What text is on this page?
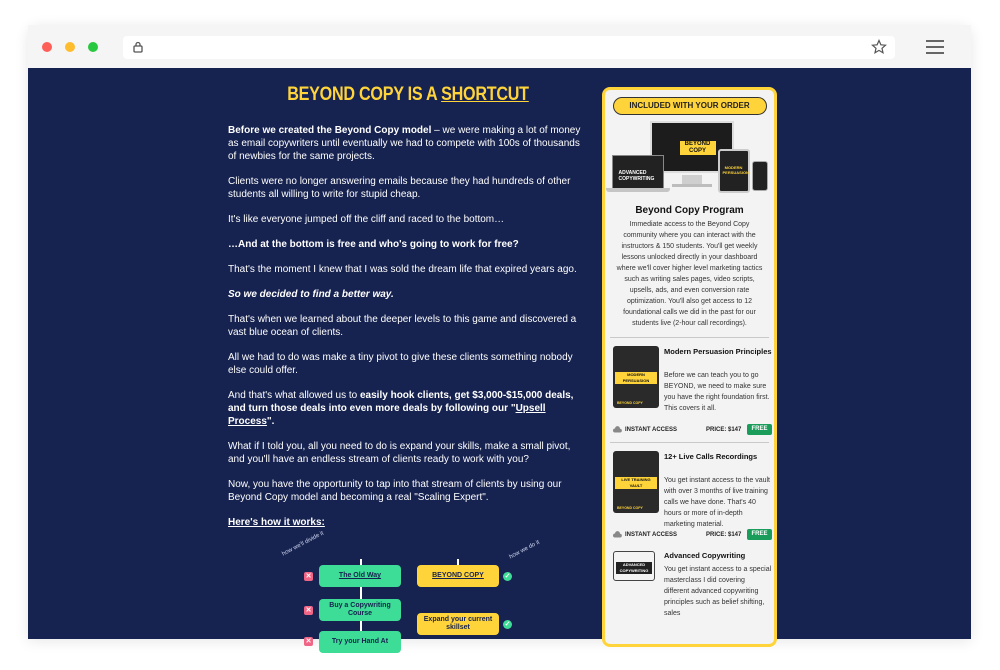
BEYOND COPY IS A SHORTCUT
Before we created the Beyond Copy model – we were making a lot of money as email copywriters until eventually we had to compete with 100s of thousands of newbies for the same projects.
Clients were no longer answering emails because they had hundreds of other students all willing to write for stupid cheap.
It's like everyone jumped off the cliff and raced to the bottom…
…And at the bottom is free and who's going to work for free?
That's the moment I knew that I was sold the dream life that expired years ago.
So we decided to find a better way.
That's when we learned about the deeper levels to this game and discovered a vast blue ocean of clients.
All we had to do was make a tiny pivot to give these clients something nobody else could offer.
And that's what allowed us to easily hook clients, get $3,000-$15,000 deals, and turn those deals into even more deals by following our "Upsell Process".
What if I told you, all you need to do is expand your skills, make a small pivot, and you'll have an endless stream of clients ready to work with you?
Now, you have the opportunity to tap into that stream of clients by using our Beyond Copy model and becoming a real "Scaling Expert".
Here's how it works:
how we'll divide it	how we do it
The Old Way	BEYOND COPY
✕	✓
Buy a Copywriting Course
✕
Expand your current skillset	✓
Try your Hand At
✕
INCLUDED WITH YOUR ORDER
BEYOND COPY
ADVANCED COPYWRITING
MODERN PERSUASION
Beyond Copy Program
Immediate access to the Beyond Copy community where you can interact with the instructors & 150 students. You'll get weekly lessons unlocked directly in your dashboard where we'll cover higher level marketing tactics such as writing sales pages, video scripts, upsells, ads, and even conversion rate optimization. You'll also get access to 12 foundational calls we did in the past for our students live (2-hour call recordings).
MODERN PERSUASION
BEYOND COPY
Modern Persuasion Principles
Before we can teach you to go BEYOND, we need to make sure you have the right foundation first. This covers it all.
INSTANT ACCESS	PRICE: $147	FREE
LIVE TRAINING VAULT
BEYOND COPY
12+ Live Calls Recordings
You get instant access to the vault with over 3 months of live training calls we have done. That's 40 hours or more of in-depth marketing material.
INSTANT ACCESS	PRICE: $147	FREE
ADVANCED COPYWRITING
Advanced Copywriting
You get instant access to a special masterclass I did covering different advanced copywriting principles such as belief shifting, sales
